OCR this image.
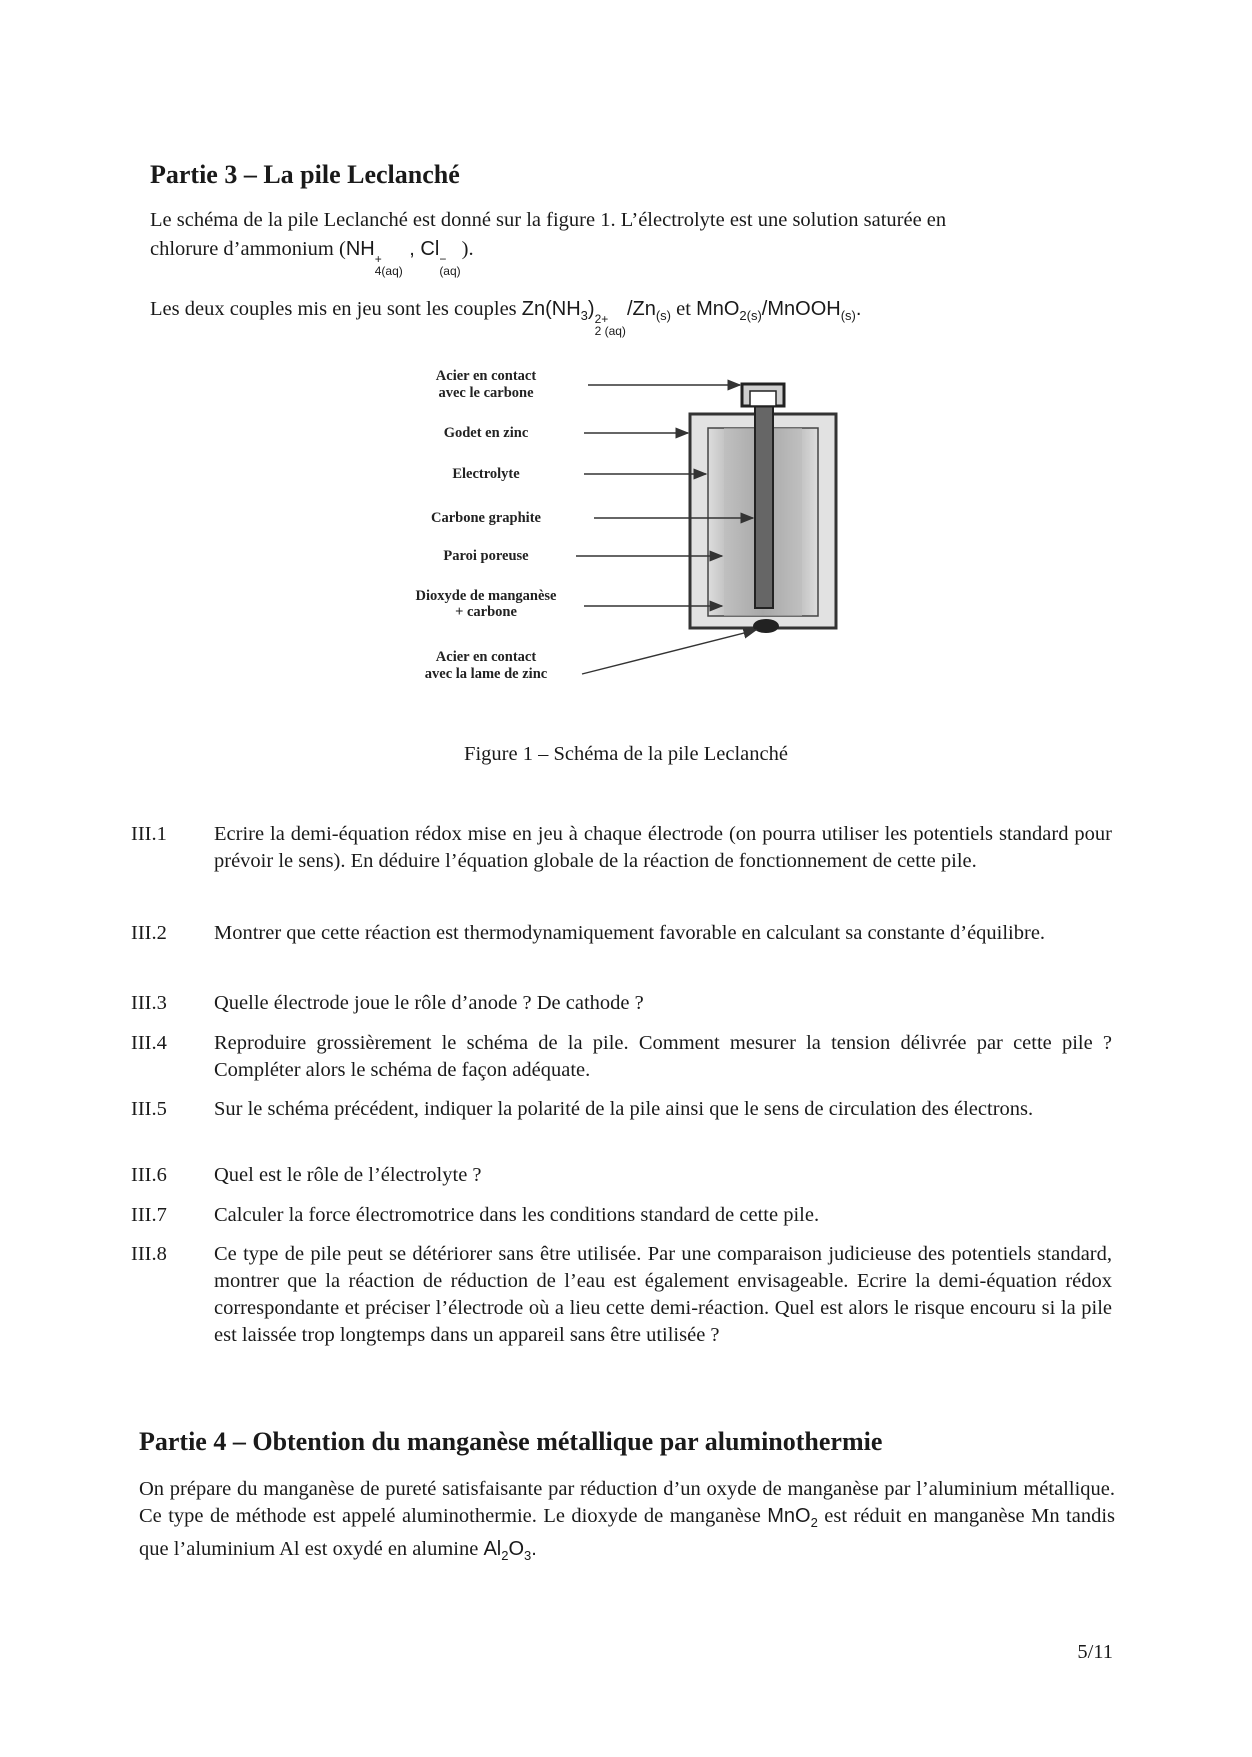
Partie 3 – La pile Leclanché

Le schéma de la pile Leclanché est donné sur la figure 1. L’électrolyte est une solution saturée en

chlorure d’ammonium (NH +
4(aq)
, Cl −
(aq)
).

Les deux couples mis en jeu sont les couples $Zn(NH_3)$ 2+
2 (aq)
$/Zn_{(s)}$ et MnO$_{2(s)}$/MnOOH$_{(s)}$.

Acier en contact
avec le carbone
Godet en zinc
Electrolyte
Carbone graphite
Paroi poreuse
Dioxyde de manganèse
+ carbone
Acier en contact
avec la lame de zinc
Figure 1 – Schéma de la pile Leclanché
III.1	Ecrire la demi-équation rédox mise en jeu à chaque électrode (on pourra utiliser les potentiels standard pour prévoir le sens). En déduire l’équation globale de la réaction de fonctionnement de cette pile.
III.2	Montrer que cette réaction est thermodynamiquement favorable en calculant sa constante d’équilibre.
III.3	Quelle électrode joue le rôle d’anode ? De cathode ?
III.4	Reproduire grossièrement le schéma de la pile. Comment mesurer la tension délivrée par cette pile ? Compléter alors le schéma de façon adéquate.
III.5	Sur le schéma précédent, indiquer la polarité de la pile ainsi que le sens de circulation des électrons.
III.6	Quel est le rôle de l’électrolyte ?
III.7	Calculer la force électromotrice dans les conditions standard de cette pile.
III.8	Ce type de pile peut se détériorer sans être utilisée. Par une comparaison judicieuse des potentiels standard, montrer que la réaction de réduction de l’eau est également envisageable. Ecrire la demi-équation rédox correspondante et préciser l’électrode où a lieu cette demi-réaction. Quel est alors le risque encouru si la pile est laissée trop longtemps dans un appareil sans être utilisée ?
Partie 4 – Obtention du manganèse métallique par aluminothermie

On prépare du manganèse de pureté satisfaisante par réduction d’un oxyde de manganèse par l’aluminium métallique. Ce type de méthode est appelé aluminothermie. Le dioxyde de manganèse MnO$_2$ est réduit en manganèse Mn tandis que l’aluminium Al est oxydé en alumine $Al_2O_3$.

5/11
